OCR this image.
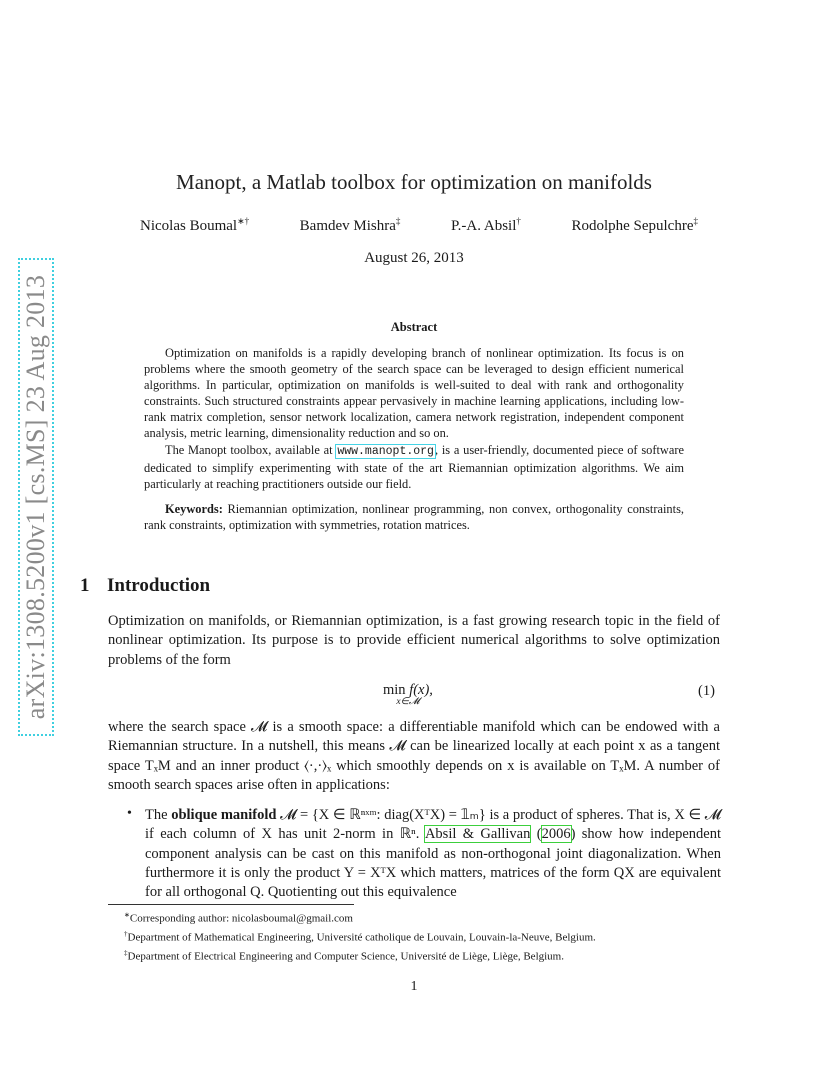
arXiv:1308.5200v1 [cs.MS] 23 Aug 2013
Manopt, a Matlab toolbox for optimization on manifolds
Nicolas Boumal∗†	Bamdev Mishra‡	P.-A. Absil†	Rodolphe Sepulchre‡
August 26, 2013
Abstract

Optimization on manifolds is a rapidly developing branch of nonlinear optimization. Its focus is on problems where the smooth geometry of the search space can be leveraged to design efficient numerical algorithms. In particular, optimization on manifolds is well-suited to deal with rank and orthogonality constraints. Such structured constraints appear pervasively in machine learning applications, including low-rank matrix completion, sensor network localization, camera network registration, independent component analysis, metric learning, dimensionality reduction and so on.

The Manopt toolbox, available at www.manopt.org, is a user-friendly, documented piece of software dedicated to simplify experimenting with state of the art Riemannian optimization algorithms. We aim particularly at reaching practitioners outside our field.

Keywords: Riemannian optimization, nonlinear programming, non convex, orthogonality constraints, rank constraints, optimization with symmetries, rotation matrices.

1 Introduction

Optimization on manifolds, or Riemannian optimization, is a fast growing research topic in the field of nonlinear optimization. Its purpose is to provide efficient numerical algorithms to solve optimization problems of the form

min f(x),
x∈𝓜
(1)

where the search space 𝓜 is a smooth space: a differentiable manifold which can be endowed with a Riemannian structure. In a nutshell, this means 𝓜 can be linearized locally at each point x as a tangent space TₓM and an inner product ⟨·,·⟩ₓ which smoothly depends on x is available on TₓM. A number of smooth search spaces arise often in applications:

• The oblique manifold 𝓜 = {X ∈ ℝⁿˣᵐ: diag(XᵀX) = 𝟙ₘ} is a product of spheres. That is, X ∈ 𝓜 if each column of X has unit 2-norm in ℝⁿ. Absil & Gallivan (2006) show how independent component analysis can be cast on this manifold as non-orthogonal joint diagonalization. When furthermore it is only the product Y = XᵀX which matters, matrices of the form QX are equivalent for all orthogonal Q. Quotienting out this equivalence
∗Corresponding author: nicolasboumal@gmail.com
†Department of Mathematical Engineering, Université catholique de Louvain, Louvain-la-Neuve, Belgium.
‡Department of Electrical Engineering and Computer Science, Université de Liège, Liège, Belgium.
1
